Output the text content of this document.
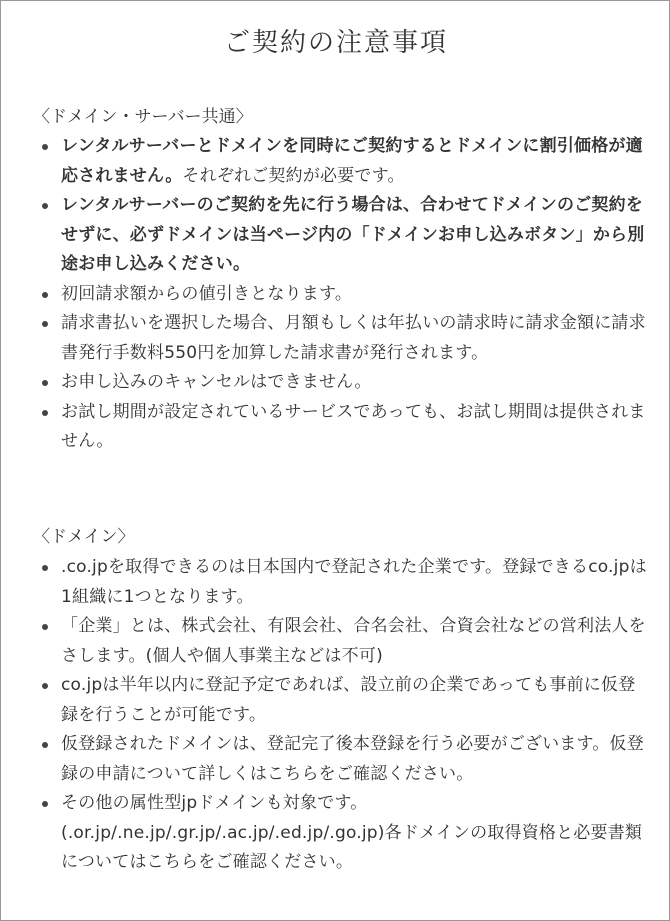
ご契約の注意事項
〈ドメイン・サーバー共通〉
レンタルサーバーとドメインを同時にご契約するとドメインに割引価格が適応されません。それぞれご契約が必要です。
レンタルサーバーのご契約を先に行う場合は、合わせてドメインのご契約をせずに、必ずドメインは当ページ内の「ドメインお申し込みボタン」から別途お申し込みください。
初回請求額からの値引きとなります。
請求書払いを選択した場合、月額もしくは年払いの請求時に請求金額に請求書発行手数料550円を加算した請求書が発行されます。
お申し込みのキャンセルはできません。
お試し期間が設定されているサービスであっても、お試し期間は提供されません。
〈ドメイン〉
.co.jpを取得できるのは日本国内で登記された企業です。登録できるco.jpは1組織に1つとなります。
「企業」とは、株式会社、有限会社、合名会社、合資会社などの営利法人をさします。(個人や個人事業主などは不可)
co.jpは半年以内に登記予定であれば、設立前の企業であっても事前に仮登録を行うことが可能です。
仮登録されたドメインは、登記完了後本登録を行う必要がございます。仮登録の申請について詳しくはこちらをご確認ください。
その他の属性型jpドメインも対象です。(.or.jp/.ne.jp/.gr.jp/.ac.jp/.ed.jp/.go.jp)各ドメインの取得資格と必要書類についてはこちらをご確認ください。
